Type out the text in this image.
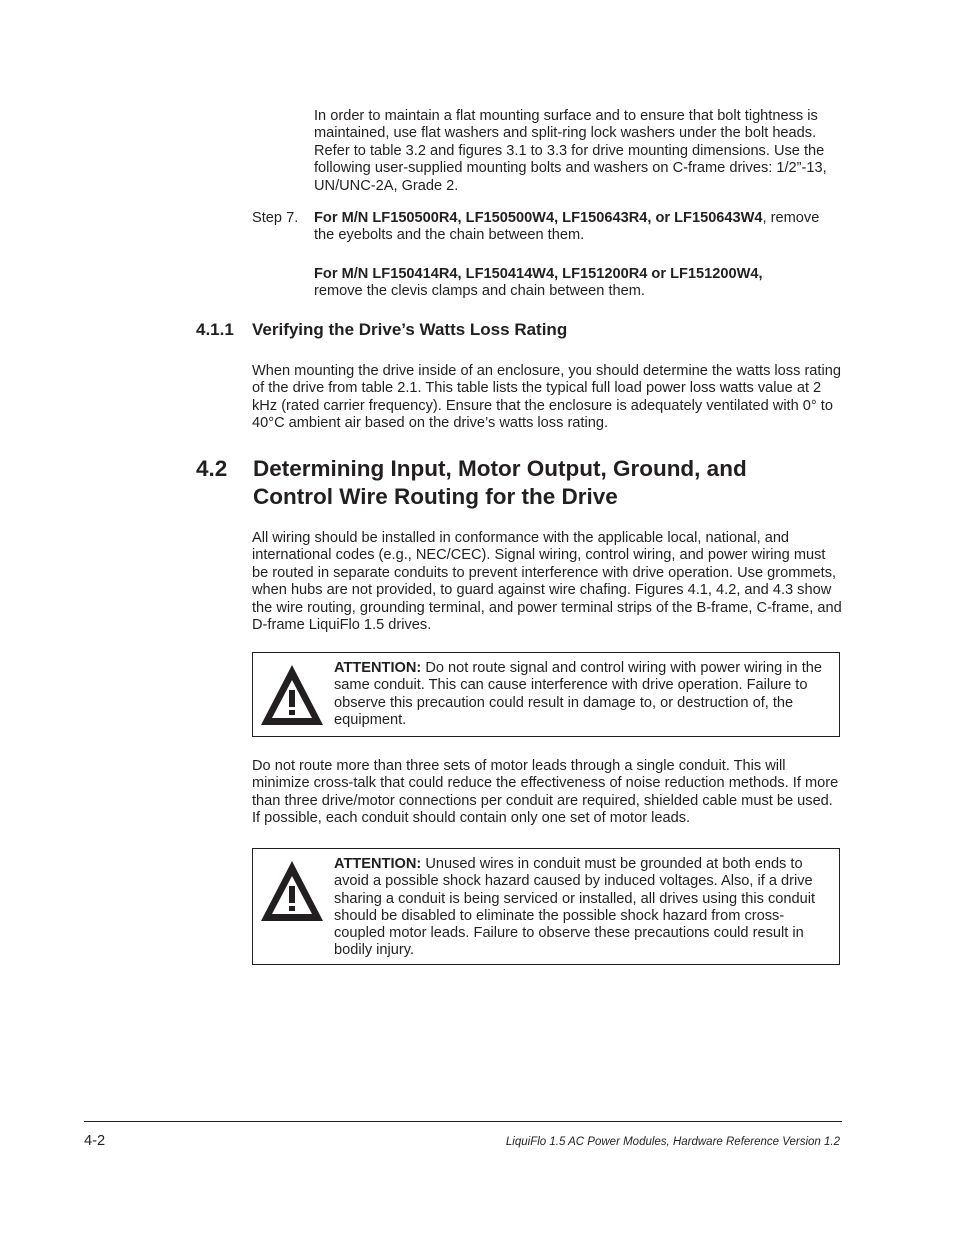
In order to maintain a flat mounting surface and to ensure that bolt tightness is maintained, use flat washers and split-ring lock washers under the bolt heads. Refer to table 3.2 and figures 3.1 to 3.3 for drive mounting dimensions. Use the following user-supplied mounting bolts and washers on C-frame drives: 1/2”-13, UN/UNC-2A, Grade 2.

Step 7. For M/N LF150500R4, LF150500W4, LF150643R4, or LF150643W4, remove the eyebolts and the chain between them.

For M/N LF150414R4, LF150414W4, LF151200R4 or LF151200W4,
remove the clevis clamps and chain between them.

4.1.1 Verifying the Drive’s Watts Loss Rating

When mounting the drive inside of an enclosure, you should determine the watts loss rating of the drive from table 2.1. This table lists the typical full load power loss watts value at 2 kHz (rated carrier frequency). Ensure that the enclosure is adequately ventilated with 0° to 40°C ambient air based on the drive’s watts loss rating.

4.2 Determining Input, Motor Output, Ground, and Control Wire Routing for the Drive

All wiring should be installed in conformance with the applicable local, national, and international codes (e.g., NEC/CEC). Signal wiring, control wiring, and power wiring must be routed in separate conduits to prevent interference with drive operation. Use grommets, when hubs are not provided, to guard against wire chafing. Figures 4.1, 4.2, and 4.3 show the wire routing, grounding terminal, and power terminal strips of the B-frame, C-frame, and D-frame LiquiFlo 1.5 drives.

ATTENTION: Do not route signal and control wiring with power wiring in the same conduit. This can cause interference with drive operation. Failure to observe this precaution could result in damage to, or destruction of, the equipment.

Do not route more than three sets of motor leads through a single conduit. This will minimize cross-talk that could reduce the effectiveness of noise reduction methods. If more than three drive/motor connections per conduit are required, shielded cable must be used. If possible, each conduit should contain only one set of motor leads.

ATTENTION: Unused wires in conduit must be grounded at both ends to avoid a possible shock hazard caused by induced voltages. Also, if a drive sharing a conduit is being serviced or installed, all drives using this conduit should be disabled to eliminate the possible shock hazard from cross-coupled motor leads. Failure to observe these precautions could result in bodily injury.
4-2	LiquiFlo 1.5 AC Power Modules, Hardware Reference Version 1.2
